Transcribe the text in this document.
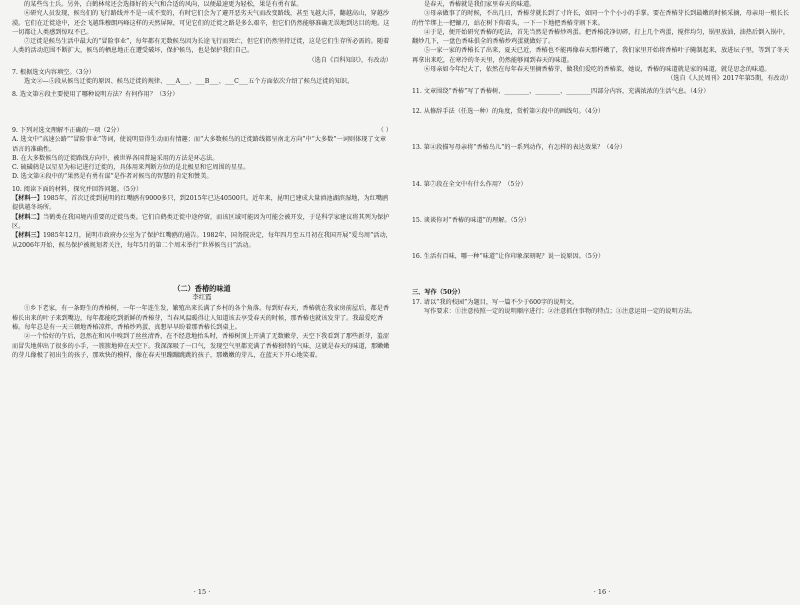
的某些鸟士兵。另外，白鹤林莺还会选择好的天气和合适的风向，以便最速更为轻松，果是有勇有谋。

⑥研究人员发现，候鸟们的飞行路线并不是一成不变的，有时它们会为了避开恶劣天气而改变路线，甚至飞越大洋，翻越高山，穿越沙漠。它们在迁徙途中，还会飞越珠穆朗玛峰这样的天然屏障，可见它们的迁徙之路是多么艰辛，但它们仍然能够准确无误地到达目的地。这一切都让人类感到惊叹不已。

⑦迁徙是候鸟生活中最大的“冒险事业”，每年都有无数候鸟因为长途飞行而死亡，但它们仍然坚持迁徙，这是它们生存所必需的。随着人类的活动范围不断扩大，候鸟的栖息地正在遭受破坏，保护候鸟，也是保护我们自己。

（选自《百科知识》，有改动）

7. 根据选文内容填空。（3分）

选文②—⑤段从候鸟迁徙的原因、候鸟迁徙的规律、___A___、___B___、___C___五个方面依次介绍了候鸟迁徙的知识。

8. 选文第⑥段主要使用了哪种说明方法？有何作用？（3分）

9. 下列对选文理解不正确的一项（2分）	（ ）

A. 选文中“高速公路”“冒险事业”等词，使说明显得生动而有情趣；而“大多数候鸟的迁徙路线都呈南北方向”中“大多数”一词则体现了文章语言的准确性。

B. 在大多数候鸟的迁徙路线方向中，被世界各国普遍采用的方法是环志法。

C. 硫磺鸫是以星星为标记进行迁徙的，具体用来判断方位的是北极星和它周围的星星。

D. 选文第④段中的“果然是有勇有谋”是作者对候鸟的智慧的肯定和赞美。

10. 阅读下面的材料，探究并回答问题。（5分）

【材料一】1985年，首次迁徙到昆明的红嘴鸥有9000多只，到2015年已达40500只。近年来，昆明已建成大量滇池湖滨湿地，为红嘴鸥提供越冬场所。

【材料二】当鹤类在我国境内重要的迁徙鸟类。它们自鹤类迁徙中途停留，而该区域可能因为可能会被开发，于是科学家建议将其列为保护区。

【材料三】1985年12月，昆明市政府办公室为了保护红嘴鸥的通告。1982年，国务院决定，每年四月至五月初在我国开展“爱鸟周”活动，从2006年开始，候鸟保护被规划者关注，每年5月的第二个周末举行“世界候鸟日”活动。

（二）香椿的味道

李红霞

①乡下老家，有一条野生的香椿树，一年一年连生发，繁殖出来长满了乡村的各个角落。每到好春天，香椿就在我家房前屋后，都是香椿长出来的叶子来到嘴边，每年都能吃到新鲜的香椿芽，当春风温暖得让人知道该去享受春天的时候，那香椿也就该发芽了。我最爱吃香椿。每年总是有一天三顿地香椿凉拌，香椿炒鸡蛋，真想早早盼着那香椿长到桌上。

②一个恰好的午后，忽然在和风中嗅到了丝丝清香，在不经意地抬头时，香椿树顶上开满了无数嫩芽，天空下我看到了那些新芽，羞涩而冒失地伸出了很多的小手，一簇簇地伸在天空下。我深深吸了一口气，发现空气里都充满了香椿独特的气味，这就是春天的味道，那嫩嫩的芽儿像极了初出生的孩子，那欢快的模样，像在春天里蹦蹦跳跳的孩子，那嫩嫩的芽儿，在蓝天下开心地笑着。

· 15 ·

是春天，香椿就是我们家里春天的味道。

③母亲做事了的时候，不出几日，香椿芽就长到了寸许长，如同一个个小小的手掌。要在香椿芽长到最嫩的时候采摘，母亲用一根长长的竹竿绑上一把镰刀，站在树下仰着头，一下一下地把香椿芽割下来。

④于是，便开始研究香椿的吃法，首先当然是香椿炒鸡蛋。把香椿洗净切碎，打上几个鸡蛋，搅拌均匀，锅里放油，油热后倒入锅中，翻炒几下，一盘色香味俱全的香椿炒鸡蛋就做好了。

⑤一家一家的香椿长了出来，夏天已近，香椿也不能再像春天那样嫩了，我们家里开始将香椿叶子腌制起来，放进坛子里，等到了冬天再拿出来吃，在寒冷的冬天里，仍然能够闻到春天的味道。

⑥母亲如今年纪大了，依然在每年春天里摘香椿芽，做我们爱吃的香椿菜，她说，香椿的味道就是家的味道，就是思念的味道。

（选自《人民周刊》2017年第5期，有改动）

11. 文章围绕“香椿”写了香椿树、________、________、________四部分内容，充满浓浓的生活气息。（4分）

12. 从修辞手法（任选一种）的角度，赏析第②段中的画线句。（4分）

13. 第④段描写母亲将“香椿鸟儿”的一系列动作，有怎样的表达效果？（4分）

14. 第⑦段在全文中有什么作用？（5分）

15. 谈谈你对“香椿的味道”的理解。（5分）

16. 生活有百味，哪一种“味道”让你印象深刻呢？说一说原因。（5分）

三、写作（50分）

17. 请以“我的校园”为题目，写一篇不少于600字的说明文。

写作要求：①注意按照一定的说明顺序进行；②注意抓住事物的特点；③注意运用一定的说明方法。

· 16 ·
